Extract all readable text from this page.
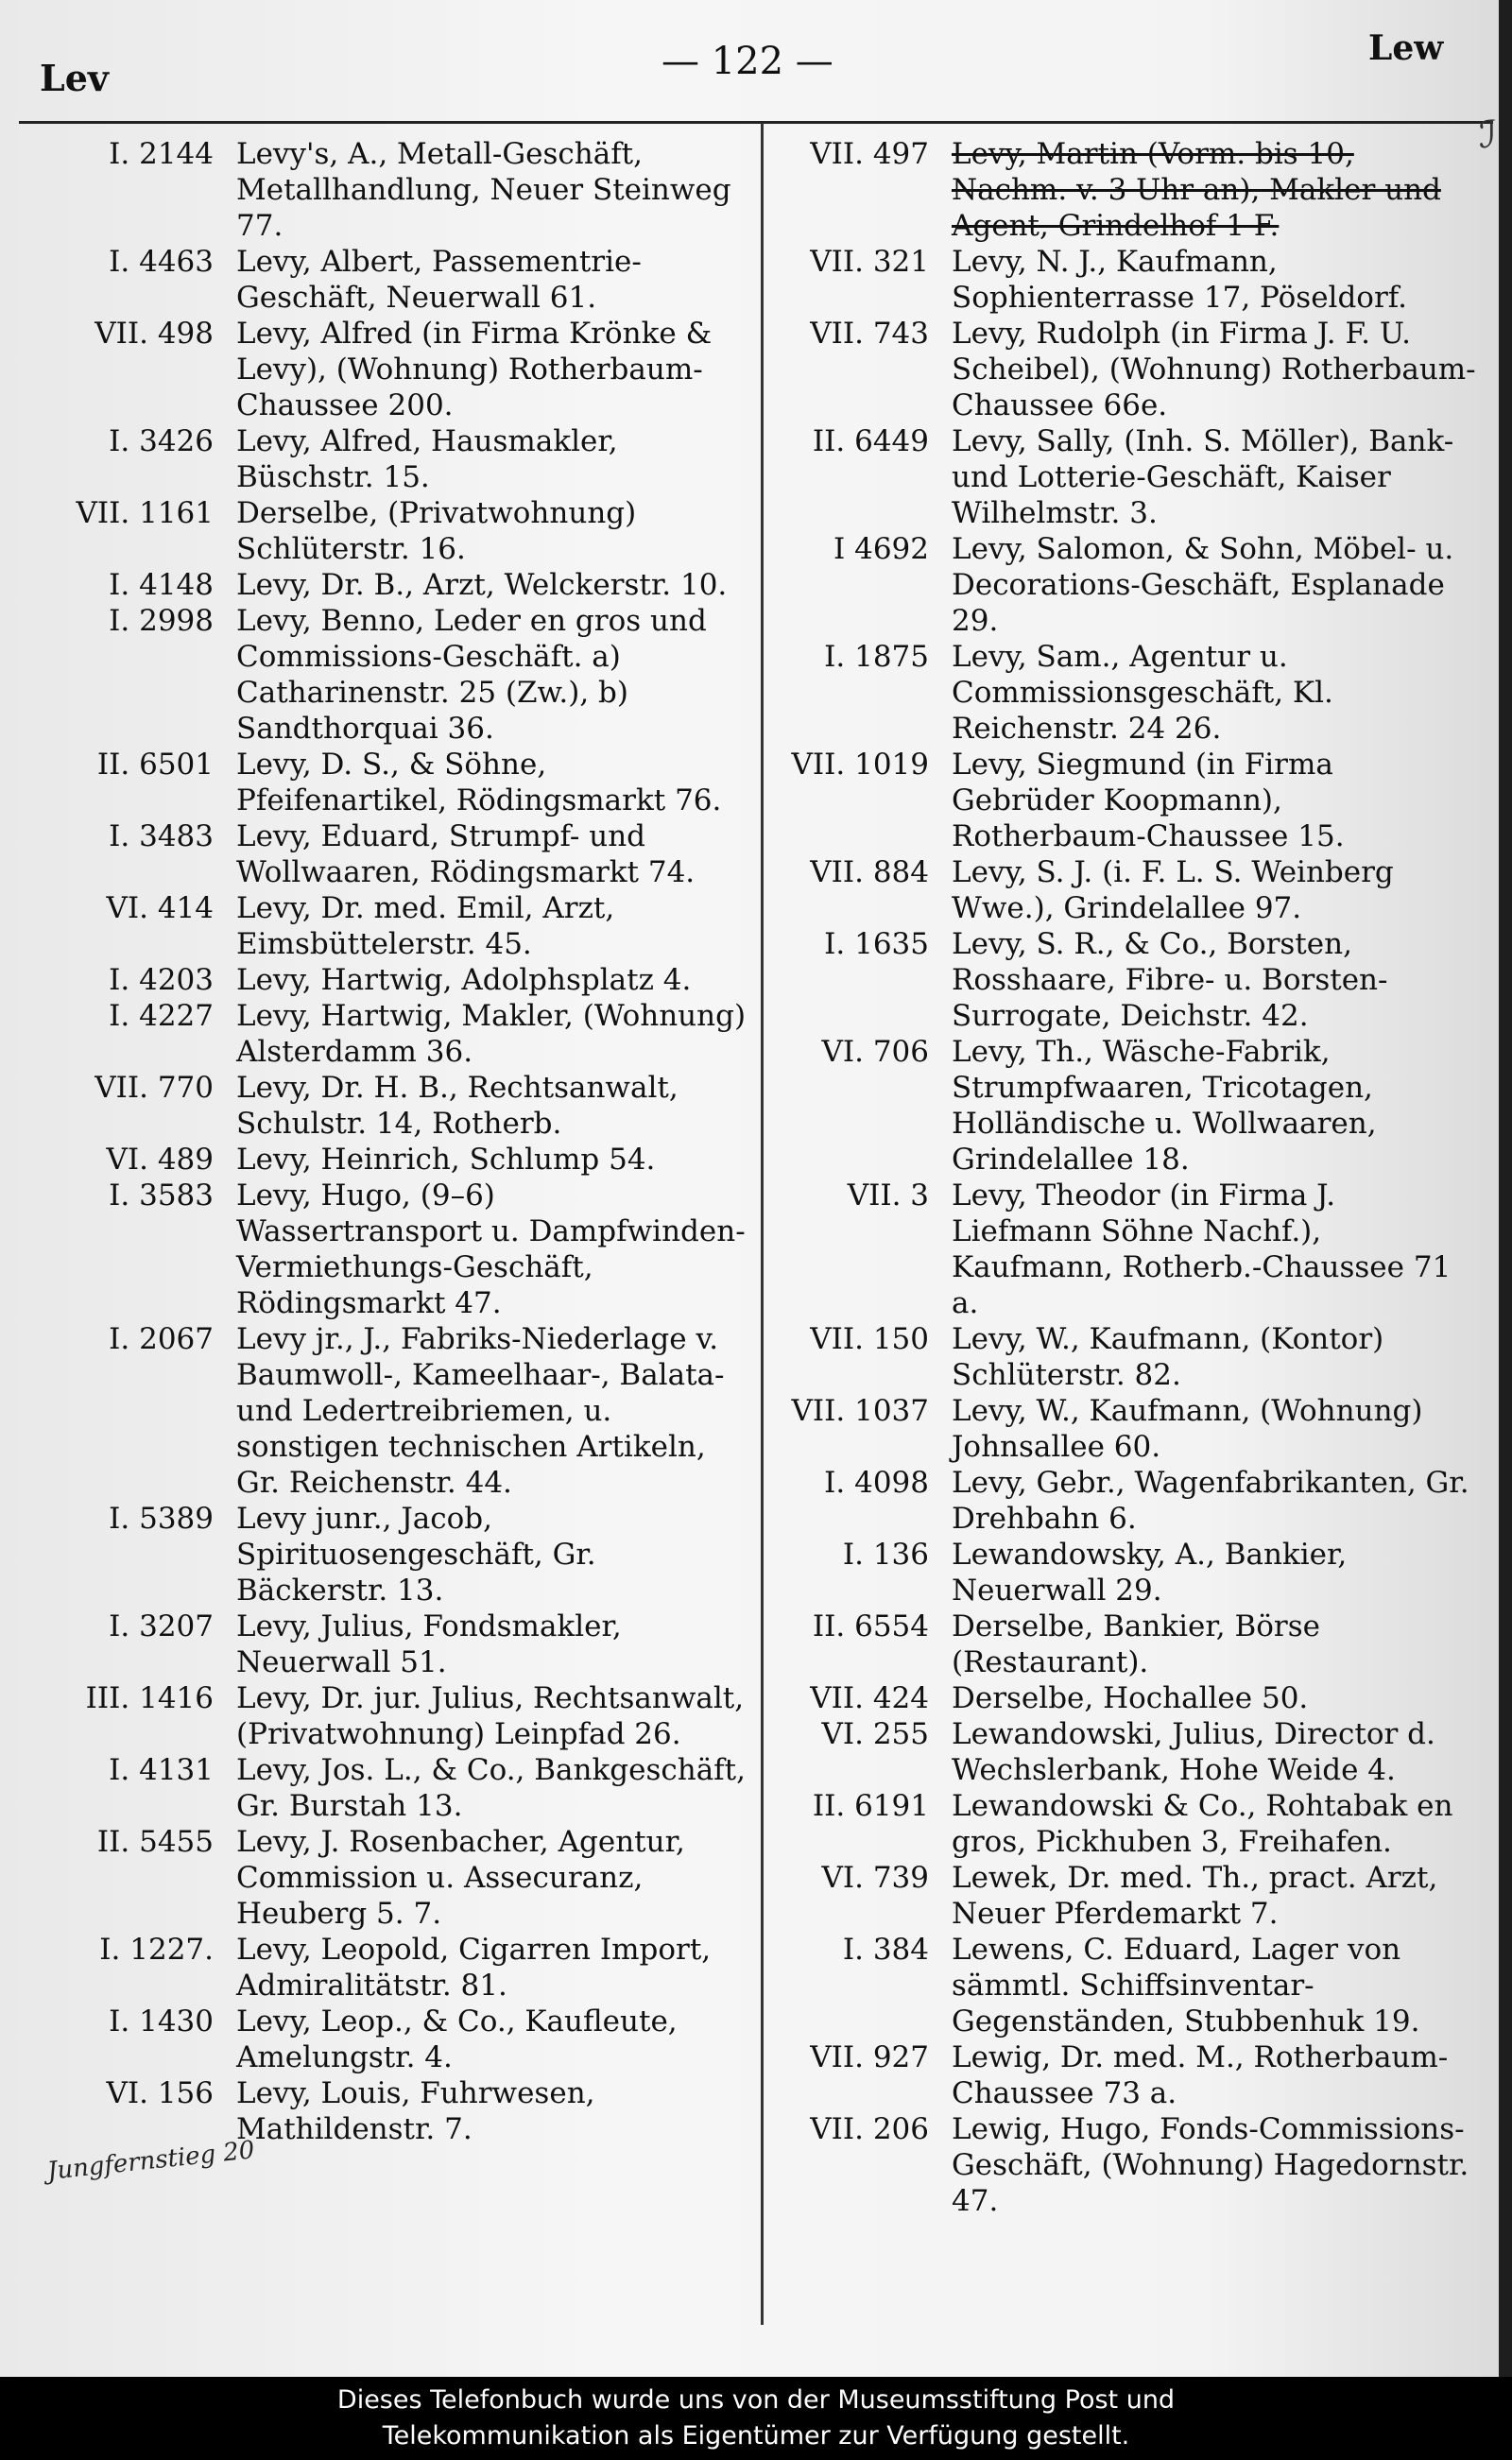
Lev	— 122 —	Lew
ℐ
I. 2144 Levy's, A., Metall-Geschäft, Metallhandlung, Neuer Steinweg 77.
I. 4463 Levy, Albert, Passementrie-Geschäft, Neuerwall 61.
VII. 498 Levy, Alfred (in Firma Krönke & Levy), (Wohnung) Rotherbaum-Chaussee 200.
I. 3426 Levy, Alfred, Hausmakler, Büschstr. 15.
VII. 1161 Derselbe, (Privatwohnung) Schlüterstr. 16.
I. 4148 Levy, Dr. B., Arzt, Welckerstr. 10.
I. 2998 Levy, Benno, Leder en gros und Commissions-Geschäft. a) Catharinenstr. 25 (Zw.), b) Sandthorquai 36.
II. 6501 Levy, D. S., & Söhne, Pfeifenartikel, Rödingsmarkt 76.
I. 3483 Levy, Eduard, Strumpf- und Wollwaaren, Rödingsmarkt 74.
VI. 414 Levy, Dr. med. Emil, Arzt, Eimsbüttelerstr. 45.
I. 4203 Levy, Hartwig, Adolphsplatz 4.
I. 4227 Levy, Hartwig, Makler, (Wohnung) Alsterdamm 36.
VII. 770 Levy, Dr. H. B., Rechtsanwalt, Schulstr. 14, Rotherb.
VI. 489 Levy, Heinrich, Schlump 54.
I. 3583 Levy, Hugo, (9–6) Wassertransport u. Dampfwinden-Vermiethungs-Geschäft, Rödingsmarkt 47.
I. 2067 Levy jr., J., Fabriks-Niederlage v. Baumwoll-, Kameelhaar-, Balata- und Ledertreibriemen, u. sonstigen technischen Artikeln, Gr. Reichenstr. 44.
I. 5389 Levy junr., Jacob, Spirituosengeschäft, Gr. Bäckerstr. 13.
I. 3207 Levy, Julius, Fondsmakler, Neuerwall 51.
III. 1416 Levy, Dr. jur. Julius, Rechtsanwalt, (Privatwohnung) Leinpfad 26.
I. 4131 Levy, Jos. L., & Co., Bankgeschäft, Gr. Burstah 13.
II. 5455 Levy, J. Rosenbacher, Agentur, Commission u. Assecuranz, Heuberg 5. 7.
I. 1227. Levy, Leopold, Cigarren Import, Admiralitätstr. 81.
I. 1430 Levy, Leop., & Co., Kaufleute, Amelungstr. 4.
VI. 156 Levy, Louis, Fuhrwesen, Mathildenstr. 7.
VII. 497 Levy, Martin (Vorm. bis 10, Nachm. v. 3 Uhr an), Makler und Agent, Grindelhof 1 F.
VII. 321 Levy, N. J., Kaufmann, Sophienterrasse 17, Pöseldorf.
VII. 743 Levy, Rudolph (in Firma J. F. U. Scheibel), (Wohnung) Rotherbaum-Chaussee 66e.
II. 6449 Levy, Sally, (Inh. S. Möller), Bank- und Lotterie-Geschäft, Kaiser Wilhelmstr. 3.
I 4692 Levy, Salomon, & Sohn, Möbel- u. Decorations-Geschäft, Esplanade 29.
I. 1875 Levy, Sam., Agentur u. Commissionsgeschäft, Kl. Reichenstr. 24 26.
VII. 1019 Levy, Siegmund (in Firma Gebrüder Koopmann), Rotherbaum-Chaussee 15.
VII. 884 Levy, S. J. (i. F. L. S. Weinberg Wwe.), Grindelallee 97.
I. 1635 Levy, S. R., & Co., Borsten, Rosshaare, Fibre- u. Borsten-Surrogate, Deichstr. 42.
VI. 706 Levy, Th., Wäsche-Fabrik, Strumpfwaaren, Tricotagen, Holländische u. Wollwaaren, Grindelallee 18.
VII. 3 Levy, Theodor (in Firma J. Liefmann Söhne Nachf.), Kaufmann, Rotherb.-Chaussee 71 a.
VII. 150 Levy, W., Kaufmann, (Kontor) Schlüterstr. 82.
VII. 1037 Levy, W., Kaufmann, (Wohnung) Johnsallee 60.
I. 4098 Levy, Gebr., Wagenfabrikanten, Gr. Drehbahn 6.
I. 136 Lewandowsky, A., Bankier, Neuerwall 29.
II. 6554 Derselbe, Bankier, Börse (Restaurant).
VII. 424 Derselbe, Hochallee 50.
VI. 255 Lewandowski, Julius, Director d. Wechslerbank, Hohe Weide 4.
II. 6191 Lewandowski & Co., Rohtabak en gros, Pickhuben 3, Freihafen.
VI. 739 Lewek, Dr. med. Th., pract. Arzt, Neuer Pferdemarkt 7.
I. 384 Lewens, C. Eduard, Lager von sämmtl. Schiffsinventar-Gegenständen, Stubbenhuk 19.
VII. 927 Lewig, Dr. med. M., Rotherbaum-Chaussee 73 a.
VII. 206 Lewig, Hugo, Fonds-Commissions-Geschäft, (Wohnung) Hagedornstr. 47.
Jungfernstieg 20
Dieses Telefonbuch wurde uns von der Museumsstiftung Post und
Telekommunikation als Eigentümer zur Verfügung gestellt.
